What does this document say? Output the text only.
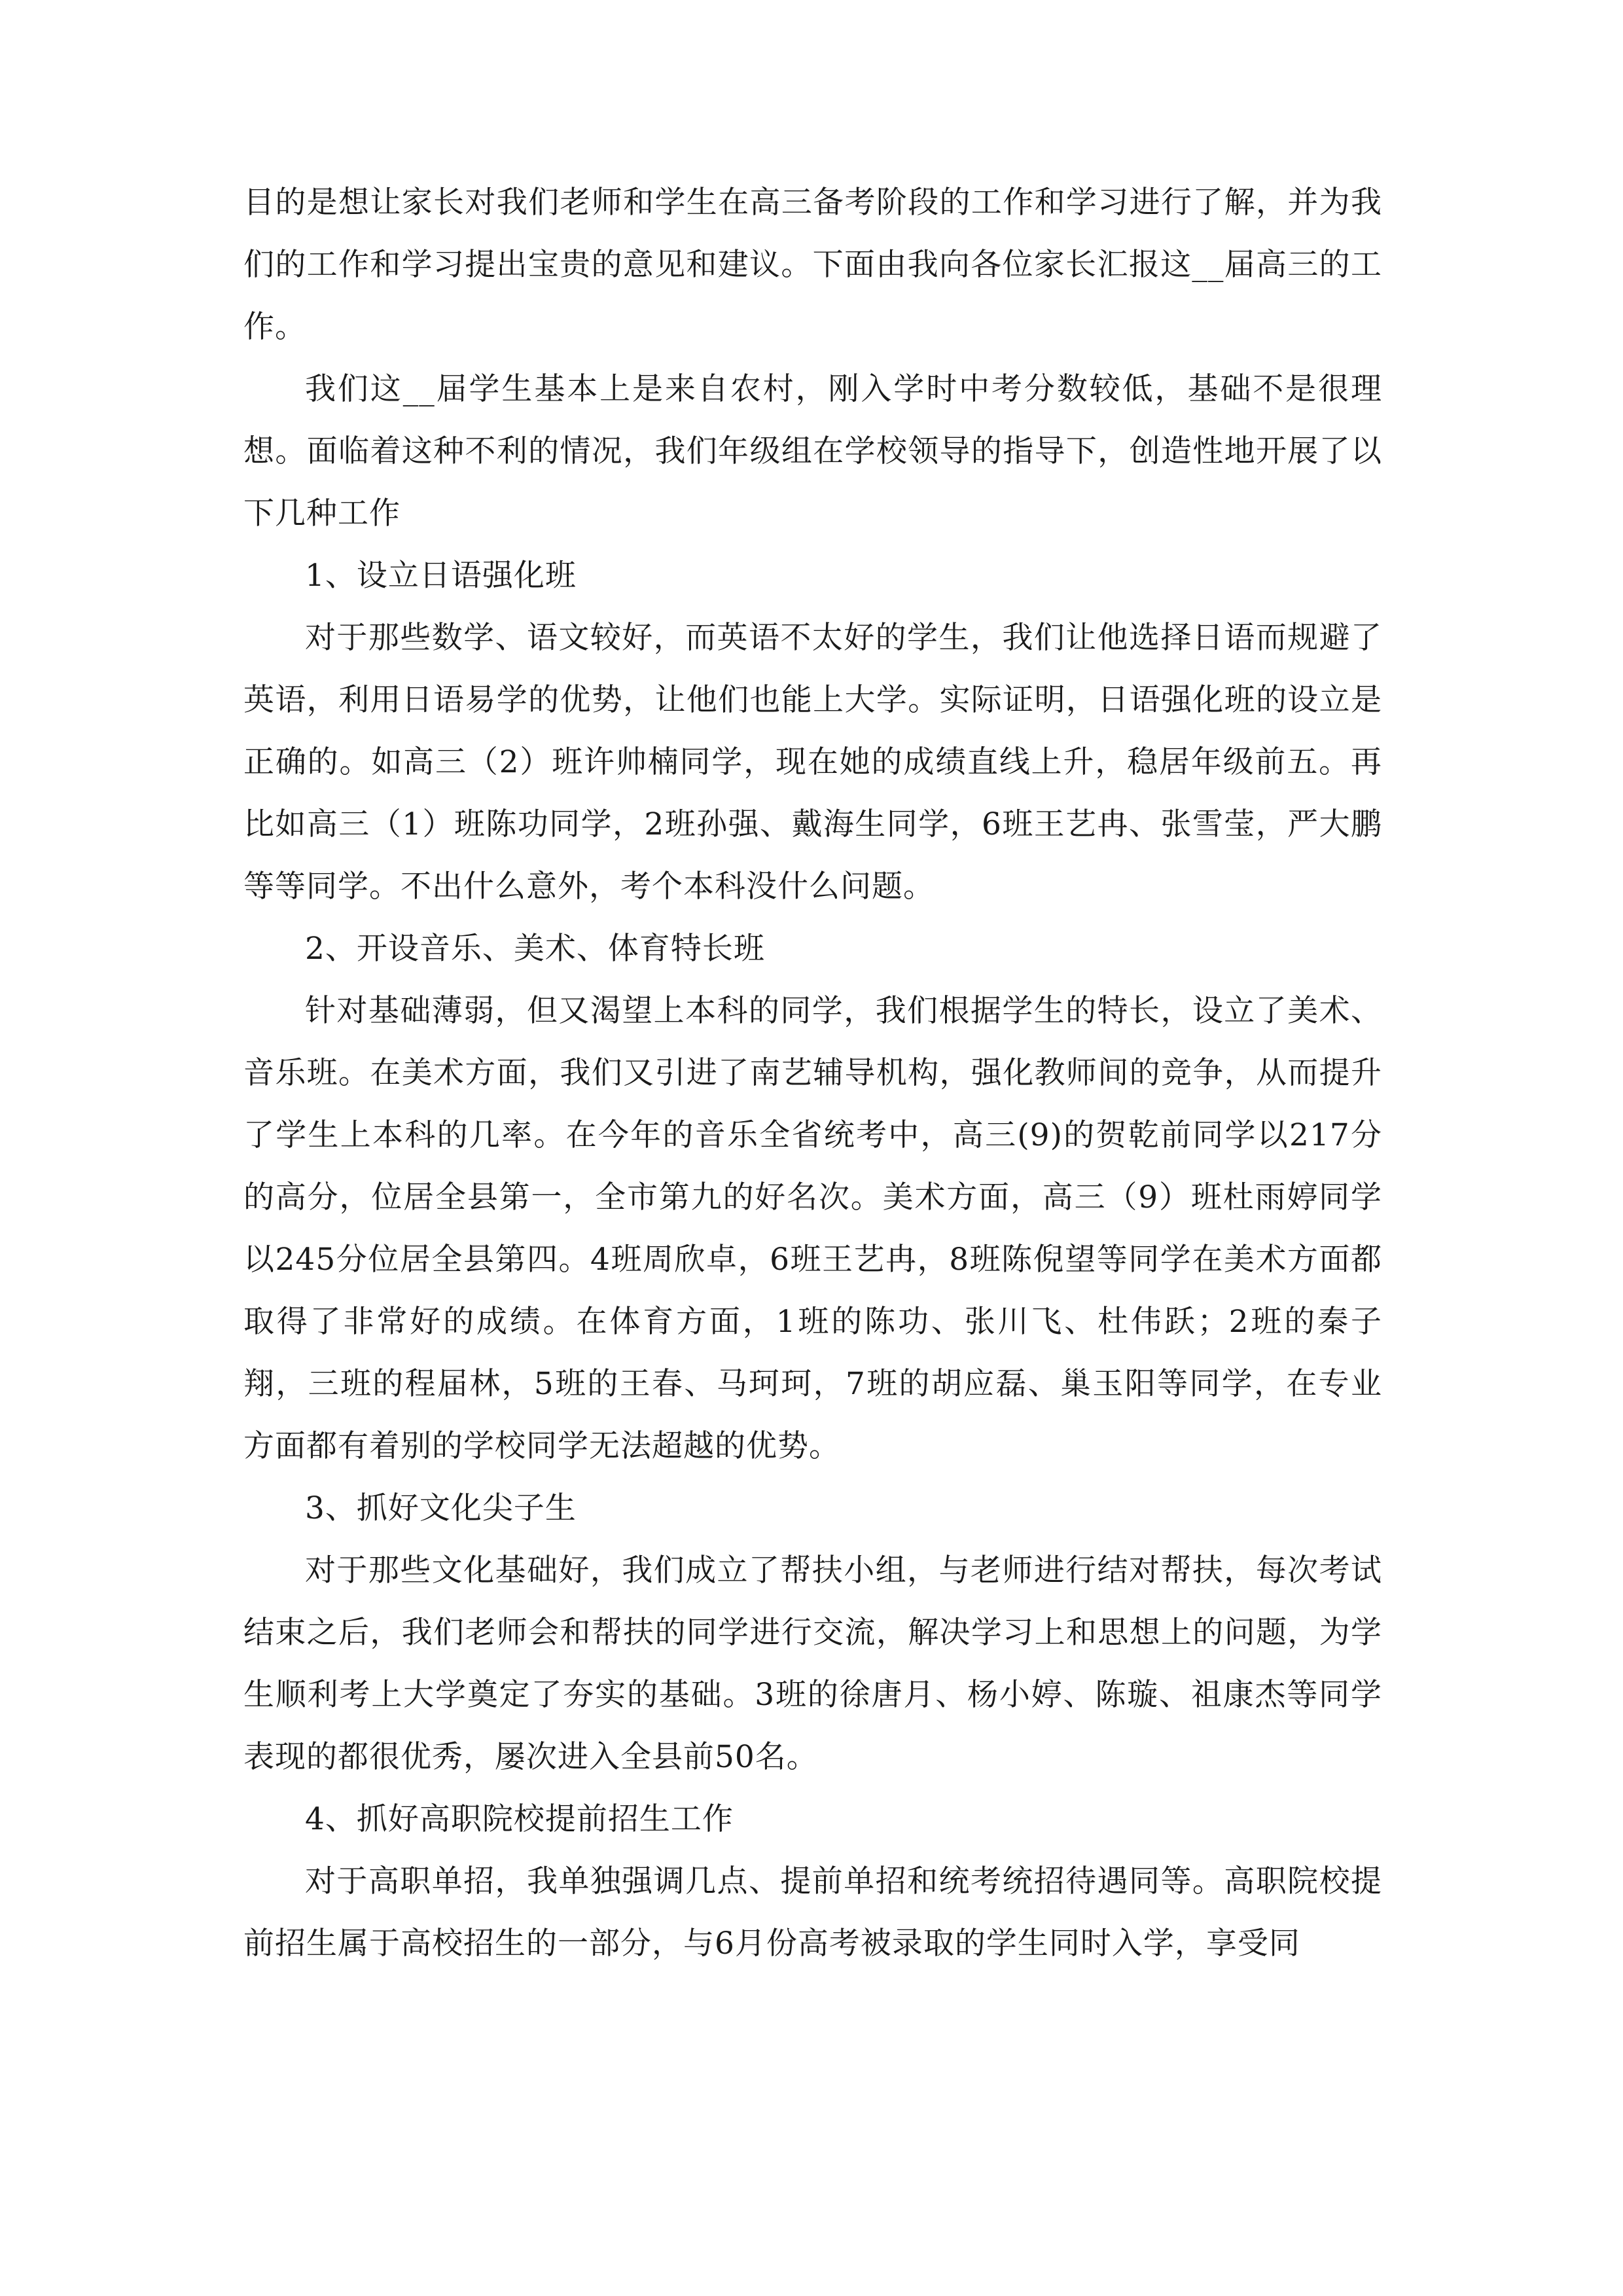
目的是想让家长对我们老师和学生在高三备考阶段的工作和学习进行了解，并为我们的工作和学习提出宝贵的意见和建议。下面由我向各位家长汇报这__届高三的工作。

我们这__届学生基本上是来自农村，刚入学时中考分数较低，基础不是很理想。面临着这种不利的情况，我们年级组在学校领导的指导下，创造性地开展了以下几种工作

1、设立日语强化班

对于那些数学、语文较好，而英语不太好的学生，我们让他选择日语而规避了英语，利用日语易学的优势，让他们也能上大学。实际证明，日语强化班的设立是正确的。如高三（2）班许帅楠同学，现在她的成绩直线上升，稳居年级前五。再比如高三（1）班陈功同学，2班孙强、戴海生同学，6班王艺冉、张雪莹，严大鹏等等同学。不出什么意外，考个本科没什么问题。

2、开设音乐、美术、体育特长班

针对基础薄弱，但又渴望上本科的同学，我们根据学生的特长，设立了美术、音乐班。在美术方面，我们又引进了南艺辅导机构，强化教师间的竞争，从而提升了学生上本科的几率。在今年的音乐全省统考中，高三(9)的贺乾前同学以217分的高分，位居全县第一，全市第九的好名次。美术方面，高三（9）班杜雨婷同学以245分位居全县第四。4班周欣卓，6班王艺冉，8班陈倪望等同学在美术方面都取得了非常好的成绩。在体育方面，1班的陈功、张川飞、杜伟跃；2班的秦子翔，三班的程届林，5班的王春、马珂珂，7班的胡应磊、巢玉阳等同学，在专业方面都有着别的学校同学无法超越的优势。

3、抓好文化尖子生

对于那些文化基础好，我们成立了帮扶小组，与老师进行结对帮扶，每次考试结束之后，我们老师会和帮扶的同学进行交流，解决学习上和思想上的问题，为学生顺利考上大学奠定了夯实的基础。3班的徐唐月、杨小婷、陈璇、祖康杰等同学表现的都很优秀，屡次进入全县前50名。

4、抓好高职院校提前招生工作

对于高职单招，我单独强调几点、提前单招和统考统招待遇同等。高职院校提前招生属于高校招生的一部分，与6月份高考被录取的学生同时入学，享受同
